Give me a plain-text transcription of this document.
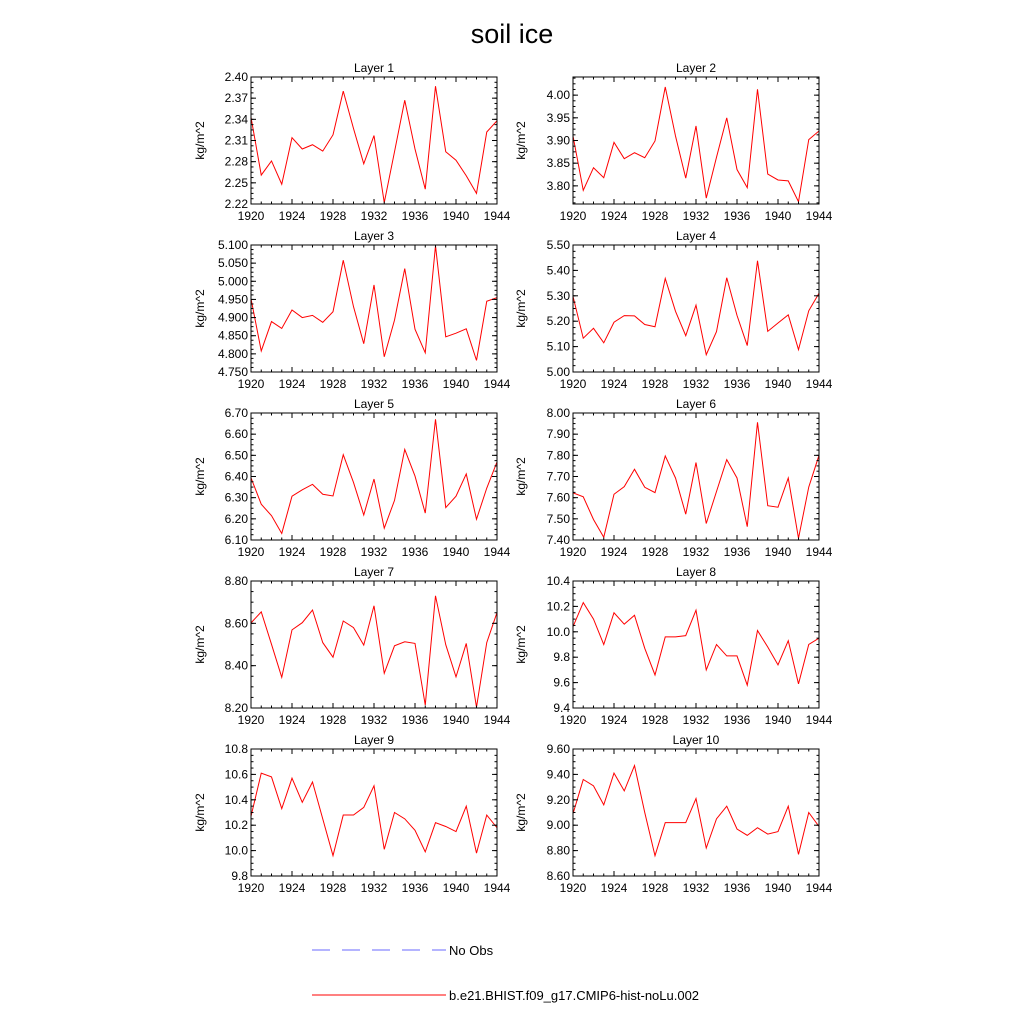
soil ice
Layer 1
1920 1924 1928 1932 1936 1940 1944
2.22
2.25
2.28
2.31
2.34
2.37
2.40
kg/m^2
Layer 2
1920 1924 1928 1932 1936 1940 1944
3.80
3.85
3.90
3.95
4.00
kg/m^2
Layer 3
1920 1924 1928 1932 1936 1940 1944
4.750
4.800
4.850
4.900
4.950
5.000
5.050
5.100
kg/m^2
Layer 4
1920 1924 1928 1932 1936 1940 1944
5.00
5.10
5.20
5.30
5.40
5.50
kg/m^2
Layer 5
1920 1924 1928 1932 1936 1940 1944
6.10
6.20
6.30
6.40
6.50
6.60
6.70
kg/m^2
Layer 6
1920 1924 1928 1932 1936 1940 1944
7.40
7.50
7.60
7.70
7.80
7.90
8.00
kg/m^2
Layer 7
1920 1924 1928 1932 1936 1940 1944
8.20
8.40
8.60
8.80
kg/m^2
Layer 8
1920 1924 1928 1932 1936 1940 1944
9.4
9.6
9.8
10.0
10.2
10.4
kg/m^2
Layer 9
1920 1924 1928 1932 1936 1940 1944
9.8
10.0
10.2
10.4
10.6
10.8
kg/m^2
Layer 10
1920 1924 1928 1932 1936 1940 1944
8.60
8.80
9.00
9.20
9.40
9.60
kg/m^2
No Obs
b.e21.BHIST.f09_g17.CMIP6-hist-noLu.002
